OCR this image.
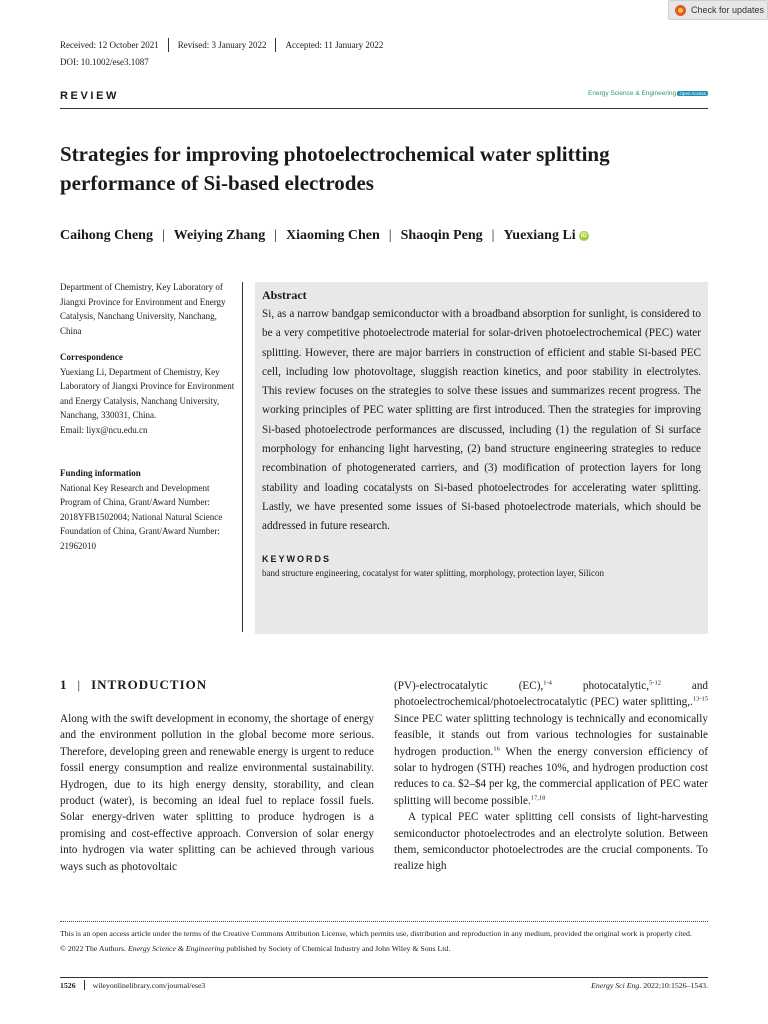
Check for updates
Received: 12 October 2021 Revised: 3 January 2022 Accepted: 11 January 2022
DOI: 10.1002/ese3.1087
REVIEW	Energy Science & Engineering Open Access
Strategies for improving photoelectrochemical water splitting performance of Si-based electrodes
Caihong Cheng | Weiying Zhang | Xiaoming Chen | Shaoqin Peng | Yuexiang Li iD
Department of Chemistry, Key Laboratory of Jiangxi Province for Environment and Energy Catalysis, Nanchang University, Nanchang, China
Correspondence
Yuexiang Li, Department of Chemistry, Key Laboratory of Jiangxi Province for Environment and Energy Catalysis, Nanchang University, Nanchang, 330031, China.
Email: liyx@ncu.edu.cn
Funding information
National Key Research and Development Program of China, Grant/Award Number: 2018YFB1502004; National Natural Science Foundation of China, Grant/Award Number: 21962010
Abstract
Si, as a narrow bandgap semiconductor with a broadband absorption for sunlight, is considered to be a very competitive photoelectrode material for solar-driven photoelectrochemical (PEC) water splitting. However, there are major barriers in construction of efficient and stable Si-based PEC cell, including low photovoltage, sluggish reaction kinetics, and poor stability in electrolytes. This review focuses on the strategies to solve these issues and summarizes recent progress. The working principles of PEC water splitting are first introduced. Then the strategies for improving Si-based photoelectrode performances are discussed, including (1) the regulation of Si surface morphology for enhancing light harvesting, (2) band structure engineering strategies to reduce recombination of photogenerated carriers, and (3) modification of protection layers for long stability and loading cocatalysts on Si-based photoelectrodes for accelerating water splitting. Lastly, we have presented some issues of Si-based photoelectrode materials, which should be addressed in future research.
KEYWORDS
band structure engineering, cocatalyst for water splitting, morphology, protection layer, Silicon
1 | INTRODUCTION

Along with the swift development in economy, the shortage of energy and the environment pollution in the global become more serious. Therefore, developing green and renewable energy is urgent to reduce fossil energy consumption and realize environmental sustainability. Hydrogen, due to its high energy density, storability, and clean product (water), is becoming an ideal fuel to replace fossil fuels. Solar energy-driven water splitting to produce hydrogen is a promising and cost-effective approach. Conversion of solar energy into hydrogen via water splitting can be achieved through various ways such as photovoltaic

(PV)-electrocatalytic (EC),$^{1-4}$ photocatalytic,$^{5-12}$ and photoelectrochemical/photoelectrocatalytic (PEC) water splitting,.$^{13-15}$ Since PEC water splitting technology is technically and economically feasible, it stands out from various technologies for sustainable hydrogen production.$^{16}$ When the energy conversion efficiency of solar to hydrogen (STH) reaches 10%, and hydrogen production cost reduces to ca. $2–$4 per kg, the commercial application of PEC water splitting will become possible.$^{17,18}$

A typical PEC water splitting cell consists of light-harvesting semiconductor photoelectrodes and an electrolyte solution. Between them, semiconductor photoelectrodes are the crucial components. To realize high

This is an open access article under the terms of the Creative Commons Attribution License, which permits use, distribution and reproduction in any medium, provided the original work is properly cited.
© 2022 The Authors. Energy Science & Engineering published by Society of Chemical Industry and John Wiley & Sons Ltd.
1526 wileyonlinelibrary.com/journal/ese3	Energy Sci Eng. 2022;10:1526–1543.
